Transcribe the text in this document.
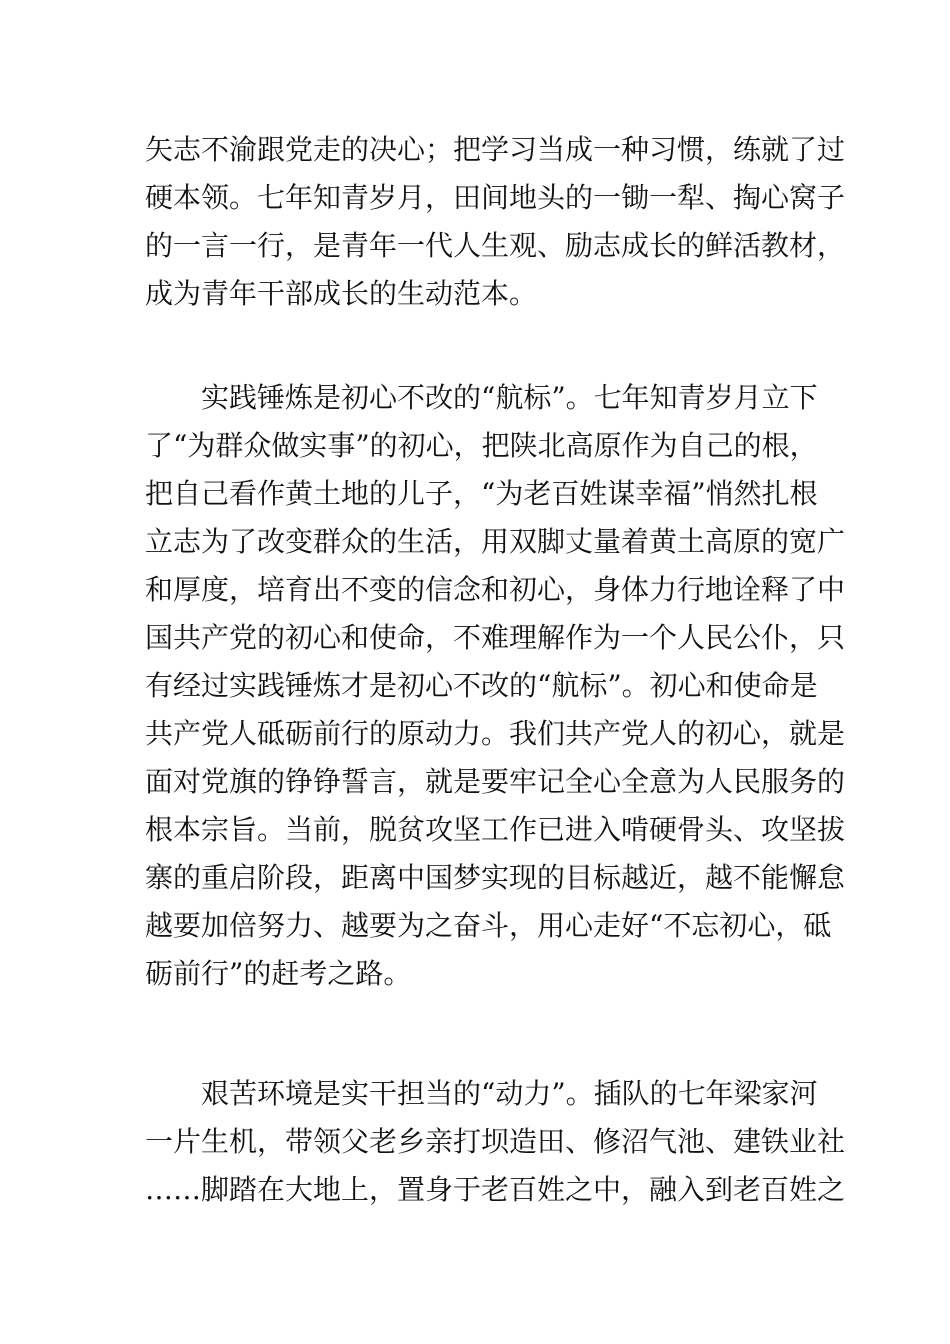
矢志不渝跟党走的决心；把学习当成一种习惯，练就了过
硬本领。七年知青岁月，田间地头的一锄一犁、掏心窝子
的一言一行，是青年一代人生观、励志成长的鲜活教材，
成为青年干部成长的生动范本。
实践锤炼是初心不改的“航标”。七年知青岁月立下
了“为群众做实事”的初心，把陕北高原作为自己的根，
把自己看作黄土地的儿子，“为老百姓谋幸福”悄然扎根
立志为了改变群众的生活，用双脚丈量着黄土高原的宽广
和厚度，培育出不变的信念和初心，身体力行地诠释了中
国共产党的初心和使命，不难理解作为一个人民公仆，只
有经过实践锤炼才是初心不改的“航标”。初心和使命是
共产党人砥砺前行的原动力。我们共产党人的初心，就是
面对党旗的铮铮誓言，就是要牢记全心全意为人民服务的
根本宗旨。当前，脱贫攻坚工作已进入啃硬骨头、攻坚拔
寨的重启阶段，距离中国梦实现的目标越近，越不能懈怠
越要加倍努力、越要为之奋斗，用心走好“不忘初心，砥
砺前行”的赶考之路。
艰苦环境是实干担当的“动力”。插队的七年梁家河
一片生机，带领父老乡亲打坝造田、修沼气池、建铁业社
……脚踏在大地上，置身于老百姓之中，融入到老百姓之
